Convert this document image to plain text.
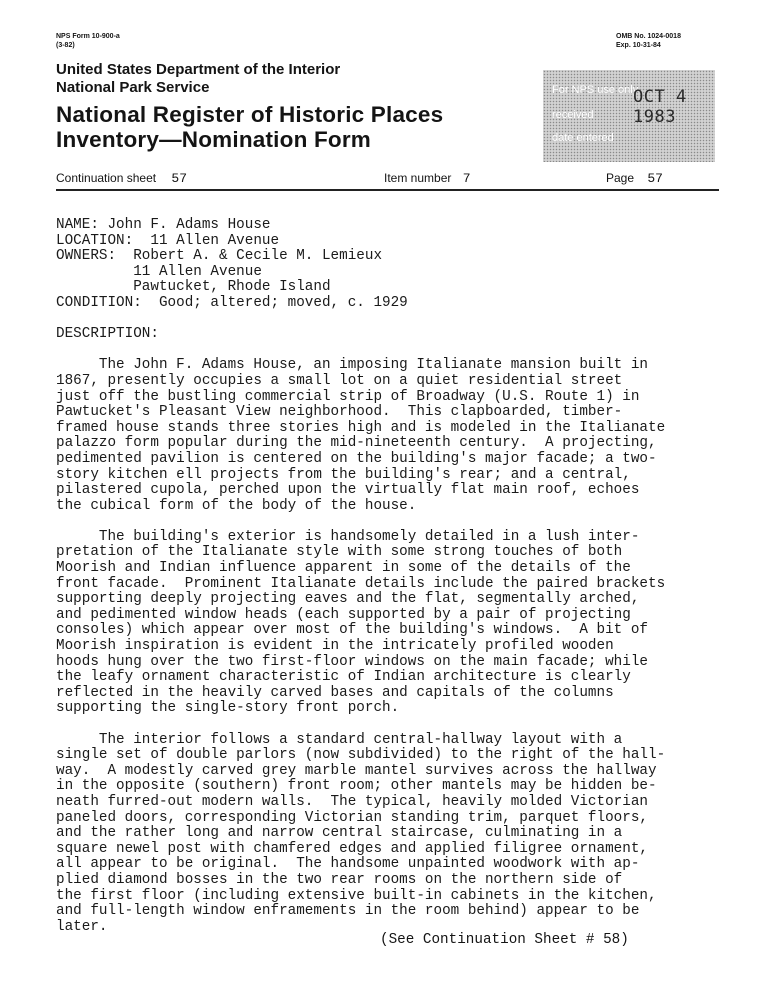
NPS Form 10-900-a
(3-82)
OMB No. 1024-0018
Exp. 10-31-84
United States Department of the Interior
National Park Service
National Register of Historic Places
Inventory—Nomination Form
For NPS use only
OCT 4 1983
received
date entered
Continuation sheet 57	Item number 7	Page 57
NAME: John F. Adams House
LOCATION:  11 Allen Avenue
OWNERS:  Robert A. & Cecile M. Lemieux
11 Allen Avenue
Pawtucket, Rhode Island
CONDITION:  Good; altered; moved, c. 1929
DESCRIPTION:
The John F. Adams House, an imposing Italianate mansion built in
1867, presently occupies a small lot on a quiet residential street
just off the bustling commercial strip of Broadway (U.S. Route 1) in
Pawtucket's Pleasant View neighborhood.  This clapboarded, timber-
framed house stands three stories high and is modeled in the Italianate
palazzo form popular during the mid-nineteenth century.  A projecting,
pedimented pavilion is centered on the building's major facade; a two-
story kitchen ell projects from the building's rear; and a central,
pilastered cupola, perched upon the virtually flat main roof, echoes
the cubical form of the body of the house.
The building's exterior is handsomely detailed in a lush inter-
pretation of the Italianate style with some strong touches of both
Moorish and Indian influence apparent in some of the details of the
front facade.  Prominent Italianate details include the paired brackets
supporting deeply projecting eaves and the flat, segmentally arched,
and pedimented window heads (each supported by a pair of projecting
consoles) which appear over most of the building's windows.  A bit of
Moorish inspiration is evident in the intricately profiled wooden
hoods hung over the two first-floor windows on the main facade; while
the leafy ornament characteristic of Indian architecture is clearly
reflected in the heavily carved bases and capitals of the columns
supporting the single-story front porch.
The interior follows a standard central-hallway layout with a
single set of double parlors (now subdivided) to the right of the hall-
way.  A modestly carved grey marble mantel survives across the hallway
in the opposite (southern) front room; other mantels may be hidden be-
neath furred-out modern walls.  The typical, heavily molded Victorian
paneled doors, corresponding Victorian standing trim, parquet floors,
and the rather long and narrow central staircase, culminating in a
square newel post with chamfered edges and applied filigree ornament,
all appear to be original.  The handsome unpainted woodwork with ap-
plied diamond bosses in the two rear rooms on the northern side of
the first floor (including extensive built-in cabinets in the kitchen,
and full-length window enframements in the room behind) appear to be
later.
(See Continuation Sheet # 58)
